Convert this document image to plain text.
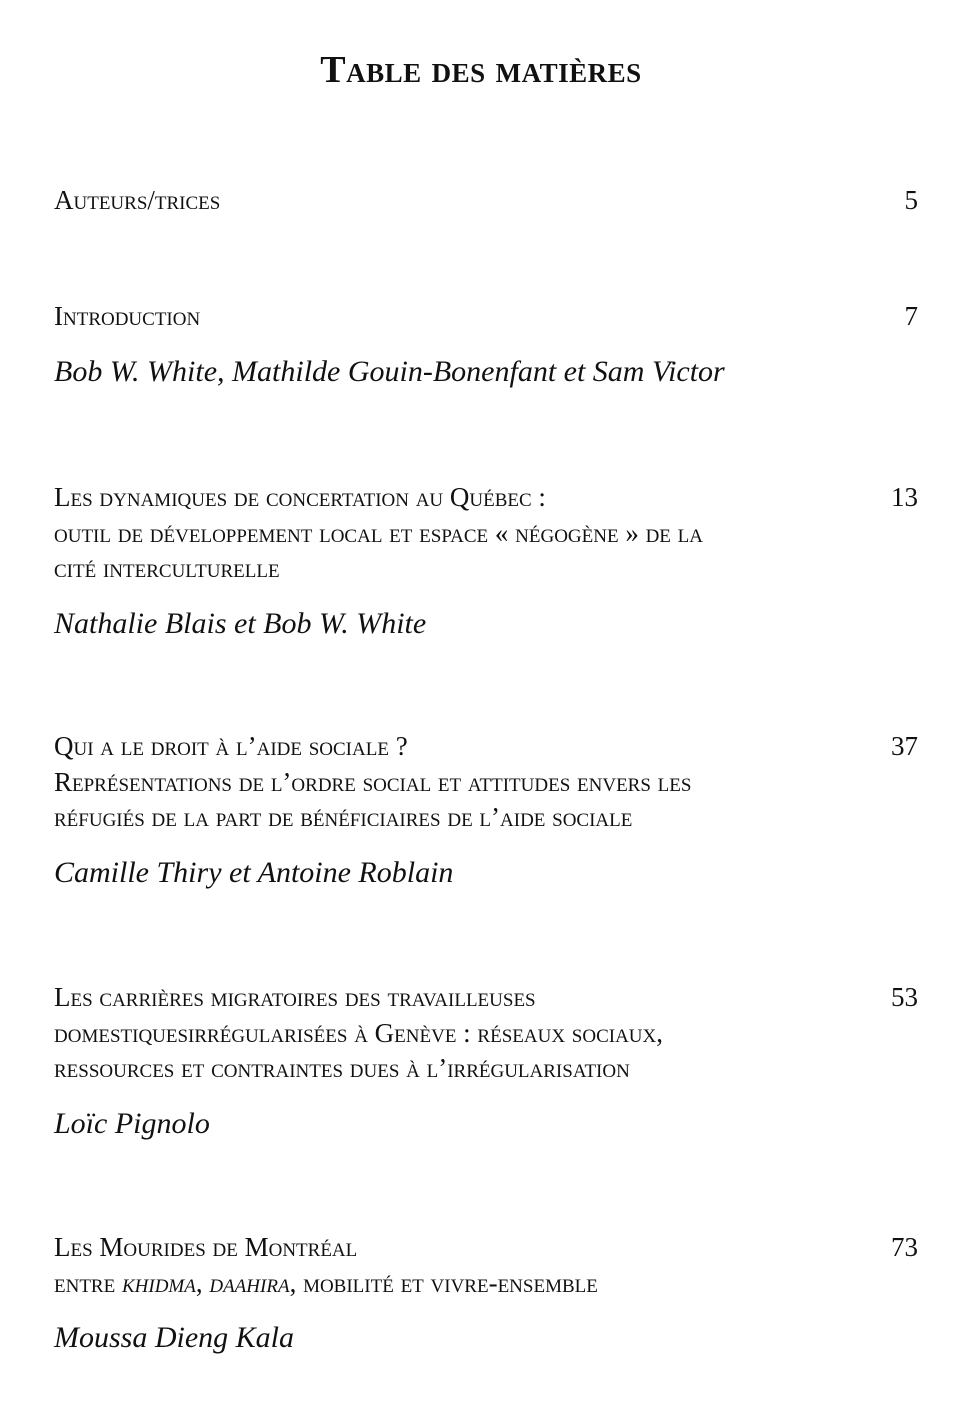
Table des matières

Auteurs/trices	5

Introduction	7
Bob W. White, Mathilde Gouin-Bonenfant et Sam Victor

Les dynamiques de concertation au Québec :
outil de développement local et espace « négogène » de la
cité interculturelle

13
Nathalie Blais et Bob W. White

Qui a le droit à l’aide sociale ?
Représentations de l’ordre social et attitudes envers les
réfugiés de la part de bénéficiaires de l’aide sociale

37
Camille Thiry et Antoine Roblain

Les carrières migratoires des travailleuses
domestiquesirrégularisées à Genève : réseaux sociaux,
ressources et contraintes dues à l’irrégularisation

53
Loïc Pignolo

Les Mourides de Montréal
entre khidma, daahira, mobilité et vivre-ensemble

73
Moussa Dieng Kala
